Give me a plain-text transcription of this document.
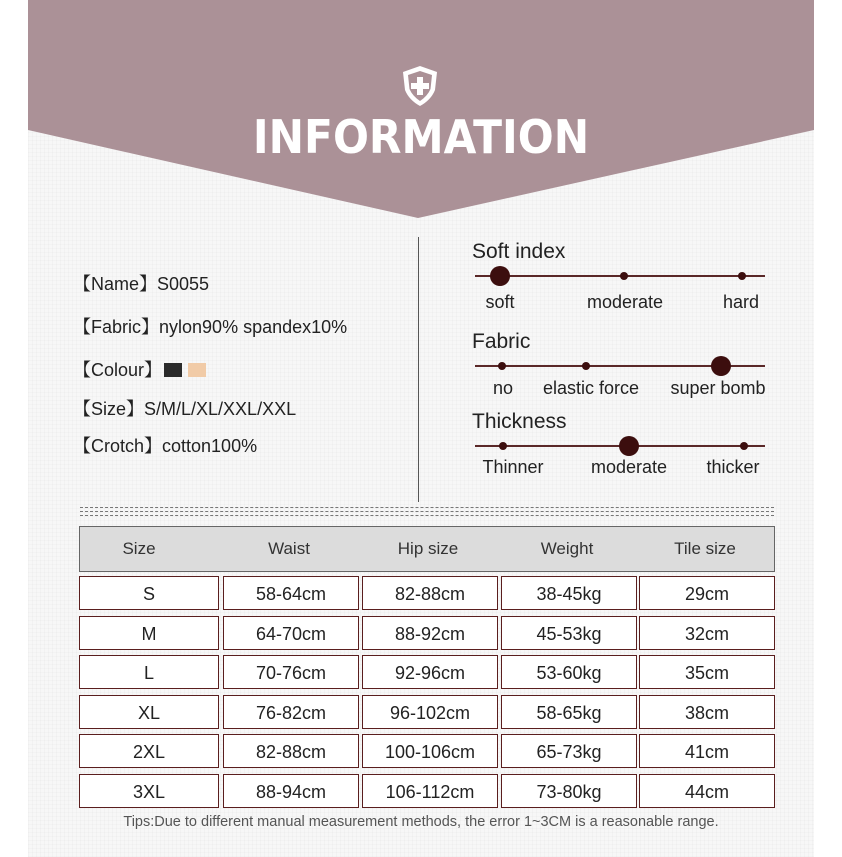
INFORMATION
【Name】S0055
【Fabric】nylon90% spandex10%
【Colour】
【Size】S/M/L/XL/XXL/XXL
【Crotch】cotton100%
Soft index
soft	moderate	hard
Fabric
no elastic force super bomb
Thickness
Thinner	moderate thicker
Size	Waist	Hip size	Weight	Tile size
S	58-64cm	82-88cm	38-45kg	29cm
M	64-70cm	88-92cm	45-53kg	32cm
L	70-76cm	92-96cm	53-60kg	35cm
XL	76-82cm	96-102cm	58-65kg	38cm
2XL	82-88cm	100-106cm	65-73kg	41cm
3XL	88-94cm	106-112cm	73-80kg	44cm
Tips:Due to different manual measurement methods, the error 1~3CM is a reasonable range.
